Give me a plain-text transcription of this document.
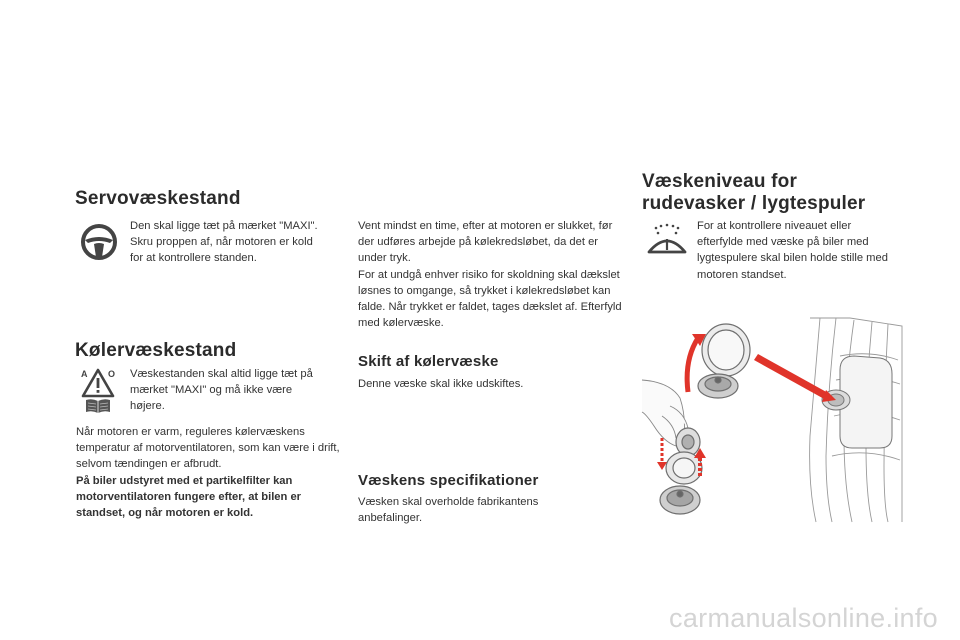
Servovæskestand
Den skal ligge tæt på mærket "MAXI". Skru proppen af, når motoren er kold for at kontrollere standen.
Kølervæskestand
A O Væskestanden skal altid ligge tæt på mærket "MAXI" og må ikke være højere.

Når motoren er varm, reguleres kølervæskens temperatur af motorventilatoren, som kan være i drift, selvom tændingen er afbrudt.

På biler udstyret med et partikelfilter kan motorventilatoren fungere efter, at bilen er standset, og når motoren er kold.

Vent mindst en time, efter at motoren er slukket, før der udføres arbejde på kølekredsløbet, da det er under tryk.

For at undgå enhver risiko for skoldning skal dækslet løsnes to omgange, så trykket i kølekredsløbet kan falde. Når trykket er faldet, tages dækslet af. Efterfyld med kølervæske.

Skift af kølervæske
Denne væske skal ikke udskiftes.
Væskens specifikationer
Væsken skal overholde fabrikantens anbefalinger.
Væskeniveau for
rudevasker / lygtespuler
For at kontrollere niveauet eller efterfylde med væske på biler med lygtespulere skal bilen holde stille med motoren standset.
carmanualsonline.info
